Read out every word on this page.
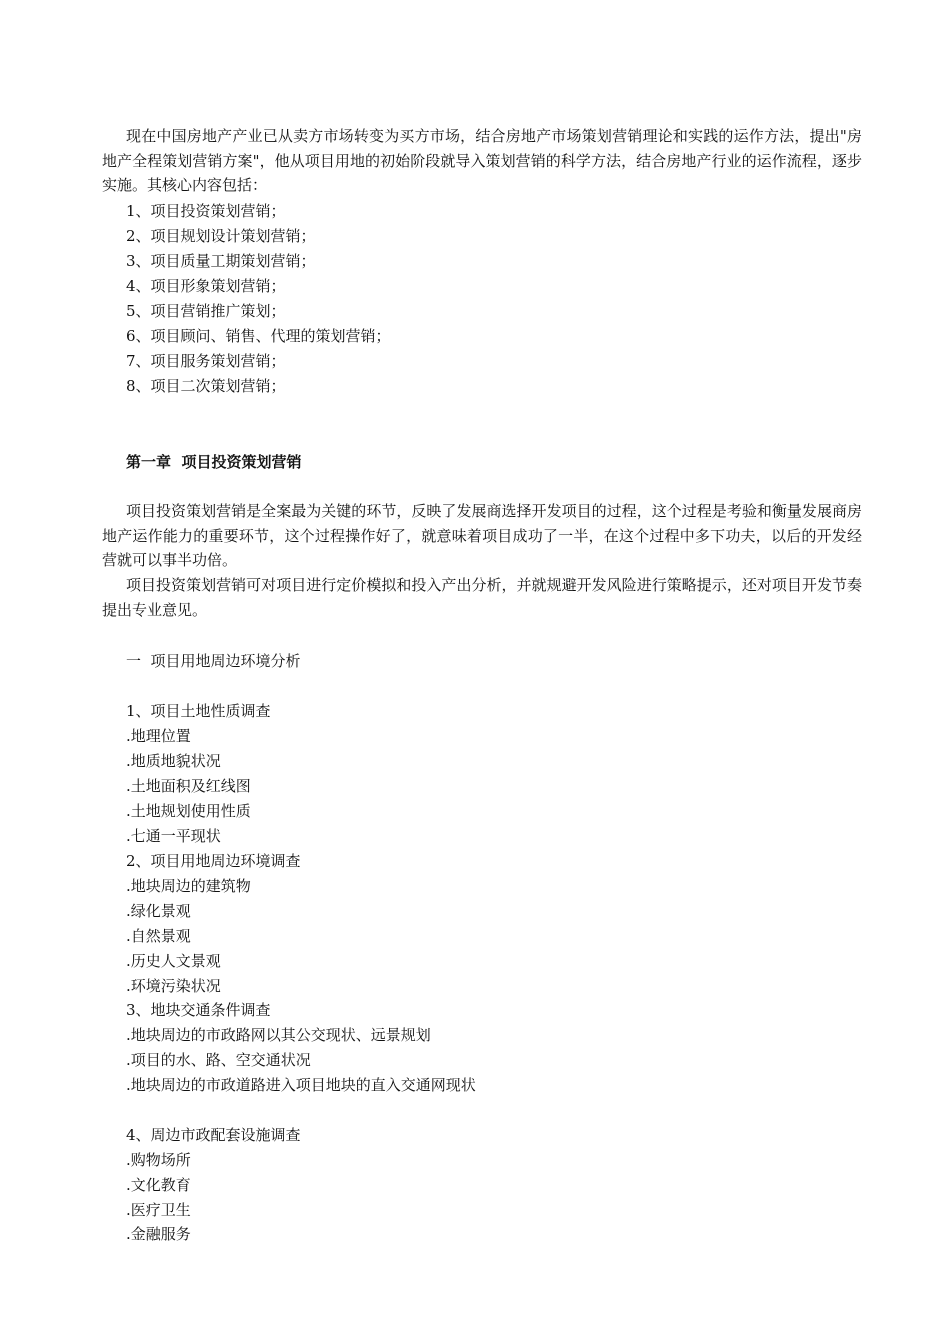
现在中国房地产产业已从卖方市场转变为买方市场，结合房地产市场策划营销理论和实践的运作方法，提出"房地产全程策划营销方案"，他从项目用地的初始阶段就导入策划营销的科学方法，结合房地产行业的运作流程，逐步实施。其核心内容包括：

1、项目投资策划营销；

2、项目规划设计策划营销；

3、项目质量工期策划营销；

4、项目形象策划营销；

5、项目营销推广策划；

6、项目顾问、销售、代理的策划营销；

7、项目服务策划营销；

8、项目二次策划营销；

第一章  项目投资策划营销

项目投资策划营销是全案最为关键的环节，反映了发展商选择开发项目的过程，这个过程是考验和衡量发展商房地产运作能力的重要环节，这个过程操作好了，就意味着项目成功了一半，在这个过程中多下功夫，以后的开发经营就可以事半功倍。

项目投资策划营销可对项目进行定价模拟和投入产出分析，并就规避开发风险进行策略提示，还对项目开发节奏提出专业意见。

一  项目用地周边环境分析

1、项目土地性质调查

.地理位置

.地质地貌状况

.土地面积及红线图

.土地规划使用性质

.七通一平现状

2、项目用地周边环境调查

.地块周边的建筑物

.绿化景观

.自然景观

.历史人文景观

.环境污染状况

3、地块交通条件调查

.地块周边的市政路网以其公交现状、远景规划

.项目的水、路、空交通状况

.地块周边的市政道路进入项目地块的直入交通网现状

4、周边市政配套设施调查

.购物场所

.文化教育

.医疗卫生

.金融服务
